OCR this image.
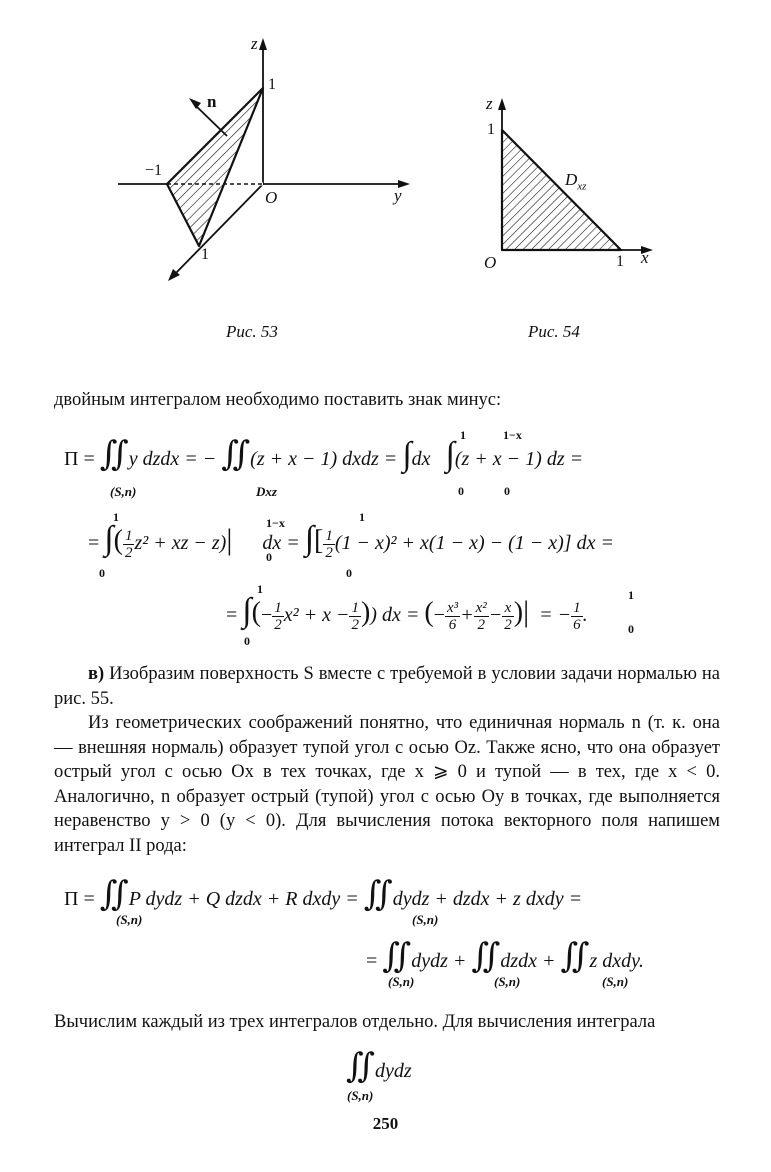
z
n
1
−1
O	y
1
Рис. 53
z
1
$D_{xz}$
O	1 x
Рис. 54
двойным интегралом необходимо поставить знак минус:
Π = ∬y dzdx = − ∬(z + x − 1) dxdz = ∫dx ∫(z + x − 1) dz =
(S,n)	Dxz
1
0
1−x
0
= ∫( $\frac{1}{2} z^2$ + xz − z)| dx = ∫[ $\frac{1}{2} (1 - x)^2 + x(1 - x) - (1 - x)$] dx =
1
0
1−x
0
1
0
= ∫(− $\frac{1}{2} x^2 + x - \frac{1}{2}$ )) dx = (− $\frac{\text{x³}}{6} + \frac{\text{x²}}{2} - \frac{x}{2}$ )| = − $\frac{1}{6}$ .
1
0
1
0
в) Изобразим поверхность S вместе с требуемой в условии задачи нормалью на рис. 55.
Из геометрических соображений понятно, что единичная нормаль n (т. к. она — внешняя нормаль) образует тупой угол с осью Oz. Также ясно, что она образует острый угол с осью Ox в тех точках, где x ⩾ 0 и тупой — в тех, где x < 0. Аналогично, n образует острый (тупой) угол с осью Oy в точках, где выполняется неравенство y > 0 (y < 0). Для вычисления потока векторного поля напишем интеграл II рода:
Π = ∬P dydz + Q dzdx + R dxdy = ∬dydz + dzdx + z dxdy =
(S,n)	(S,n)
= ∬dydz + ∬dzdx + ∬z dxdy.
(S,n)	(S,n)	(S,n)
Вычислим каждый из трех интегралов отдельно. Для вычисления интеграла
∬dydz
(S,n)
250
